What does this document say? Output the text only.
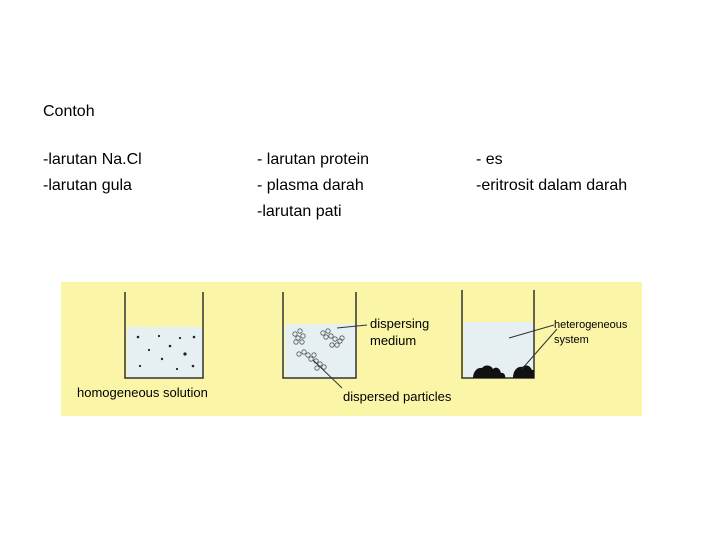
Contoh
-larutan Na.Cl
-larutan gula
- larutan protein
- plasma darah
-larutan pati
- es
-eritrosit dalam darah
homogeneous solution
dispersing
medium
dispersed particles
heterogeneous
system
